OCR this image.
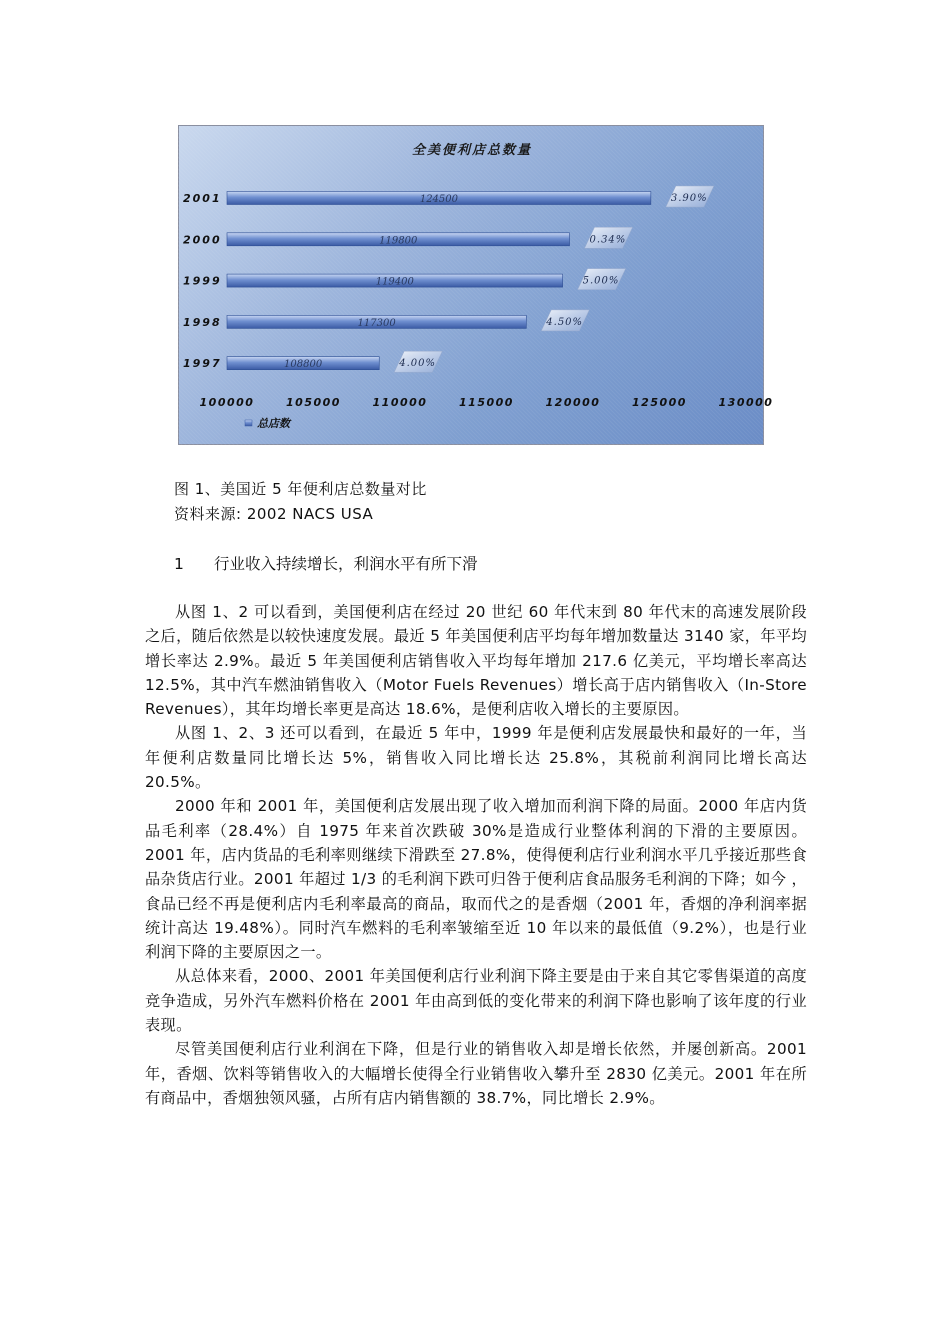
全美便利店总数量
2001	124500	3.90%
2000	119800	0.34%
1999	119400	5.00%
1998	117300	4.50%
1997	108800	4.00%
100000	105000	110000	115000	120000	125000	130000
总店数
图 1、美国近 5 年便利店总数量对比
资料来源: 2002 NACS USA
1 行业收入持续增长，利润水平有所下滑

从图 1、2 可以看到，美国便利店在经过 20 世纪 60 年代末到 80 年代末的高速发展阶段之后，随后依然是以较快速度发展。最近 5 年美国便利店平均每年增加数量达 3140 家，年平均增长率达 2.9%。最近 5 年美国便利店销售收入平均每年增加 217.6 亿美元，平均增长率高达 12.5%，其中汽车燃油销售收入（Motor Fuels Revenues）增长高于店内销售收入（In-Store Revenues），其年均增长率更是高达 18.6%，是便利店收入增长的主要原因。

从图 1、2、3 还可以看到，在最近 5 年中，1999 年是便利店发展最快和最好的一年，当年便利店数量同比增长达 5%，销售收入同比增长达 25.8%，其税前利润同比增长高达 20.5%。

2000 年和 2001 年，美国便利店发展出现了收入增加而利润下降的局面。2000 年店内货品毛利率（28.4%）自 1975 年来首次跌破 30%是造成行业整体利润的下滑的主要原因。2001 年，店内货品的毛利率则继续下滑跌至 27.8%，使得便利店行业利润水平几乎接近那些食品杂货店行业。2001 年超过 1/3 的毛利润下跌可归咎于便利店食品服务毛利润的下降；如今 ，食品已经不再是便利店内毛利率最高的商品，取而代之的是香烟（2001 年，香烟的净利润率据统计高达 19.48%）。同时汽车燃料的毛利率皱缩至近 10 年以来的最低值（9.2%），也是行业利润下降的主要原因之一。

从总体来看，2000、2001 年美国便利店行业利润下降主要是由于来自其它零售渠道的高度竞争造成，另外汽车燃料价格在 2001 年由高到低的变化带来的利润下降也影响了该年度的行业表现。

尽管美国便利店行业利润在下降，但是行业的销售收入却是增长依然，并屡创新高。2001 年，香烟、饮料等销售收入的大幅增长使得全行业销售收入攀升至 2830 亿美元。2001 年在所有商品中，香烟独领风骚，占所有店内销售额的 38.7%，同比增长 2.9%。
